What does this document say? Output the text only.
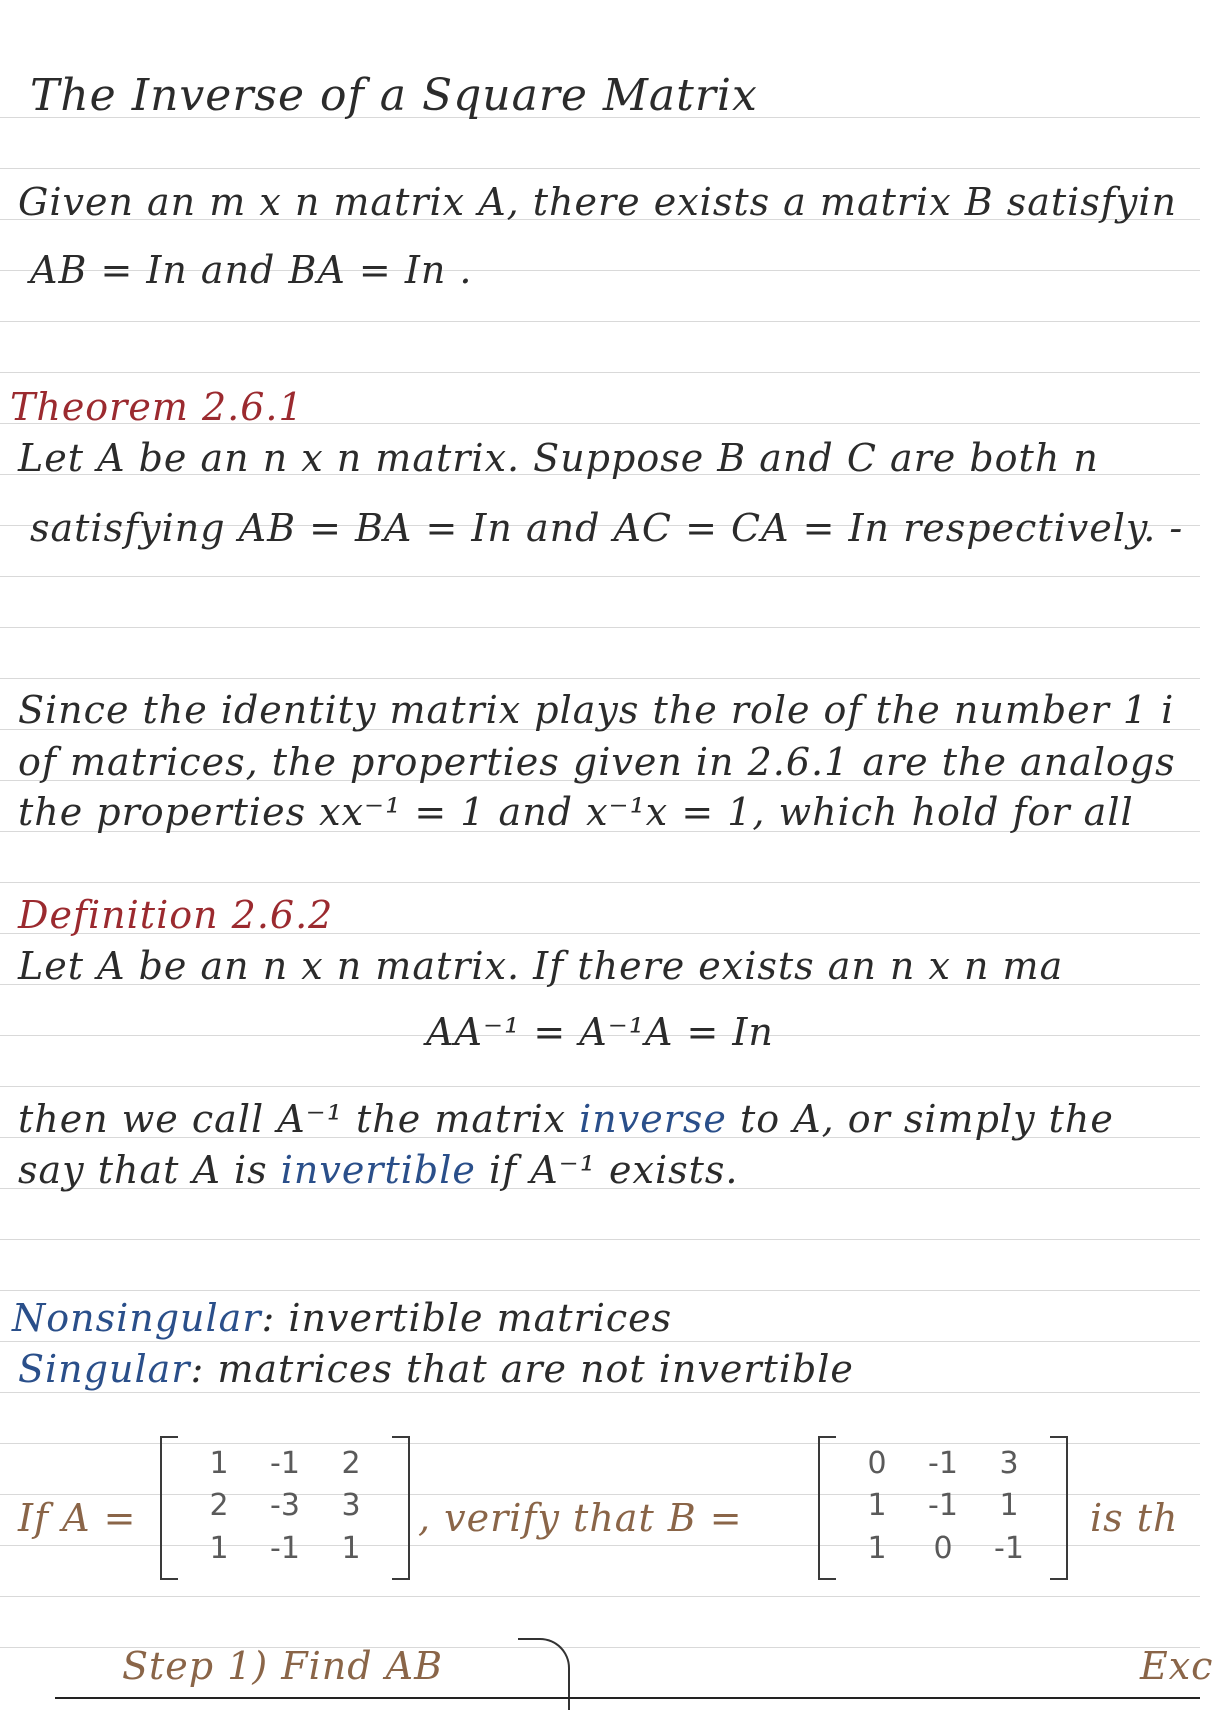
The Inverse of a Square Matrix
Given an m x n matrix A, there exists a matrix B satisfyin
AB = In and BA = In .
Theorem 2.6.1
Let A be an n x n matrix. Suppose B and C are both n
satisfying AB = BA = In and AC = CA = In respectively. -
Since the identity matrix plays the role of the number 1 i
of matrices, the properties given in 2.6.1 are the analogs
the properties xx⁻¹ = 1 and x⁻¹x = 1, which hold for all
Definition 2.6.2
Let A be an n x n matrix. If there exists an n x n ma
AA⁻¹ = A⁻¹A = In
then we call A⁻¹ the matrix inverse to A, or simply the
say that A is invertible if A⁻¹ exists.
Nonsingular: invertible matrices
Singular: matrices that are not invertible
If A =
1 -1 2
2 -3 3
1 -1 1
, verify that B =
0 -1 3
1 -1 1
1 0 -1
is th
Step 1) Find AB	Exc
